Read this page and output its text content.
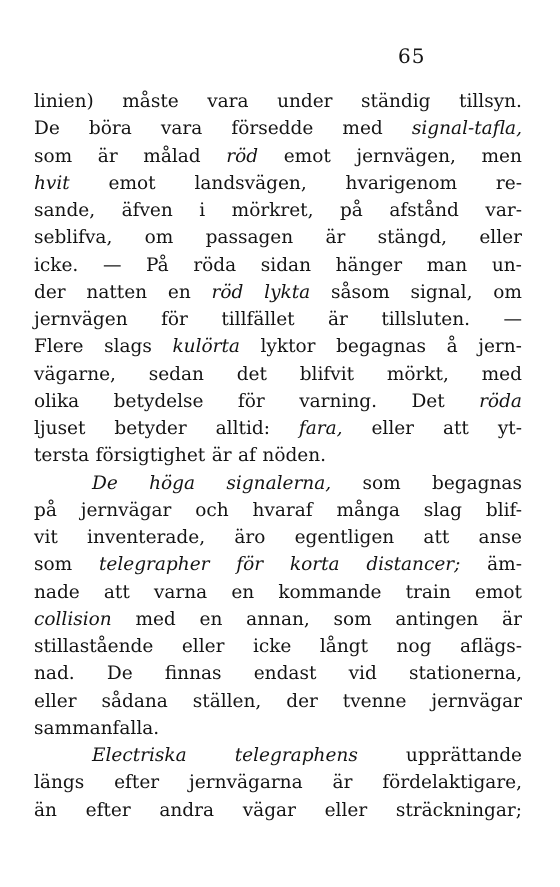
65
linien) måste vara under ständig tillsyn.
De böra vara försedde med signal-tafla,
som är målad röd emot jernvägen, men
hvit emot landsvägen, hvarigenom re-
sande, äfven i mörkret, på afstånd var-
seblifva, om passagen är stängd, eller
icke. — På röda sidan hänger man un-
der natten en röd lykta såsom signal, om
jernvägen för tillfället är tillsluten. —
Flere slags kulörta lyktor begagnas å jern-
vägarne, sedan det blifvit mörkt, med
olika betydelse för varning. Det röda
ljuset betyder alltid: fara, eller att yt-
tersta försigtighet är af nöden.
De höga signalerna, som begagnas
på jernvägar och hvaraf många slag blif-
vit inventerade, äro egentligen att anse
som telegrapher för korta distancer; äm-
nade att varna en kommande train emot
collision med en annan, som antingen är
stillastående eller icke långt nog aflägs-
nad. De finnas endast vid stationerna,
eller sådana ställen, der tvenne jernvägar
sammanfalla.
Electriska	telegraphens	upprättande
längs efter jernvägarna är fördelaktigare,
än efter andra vägar eller sträckningar;
